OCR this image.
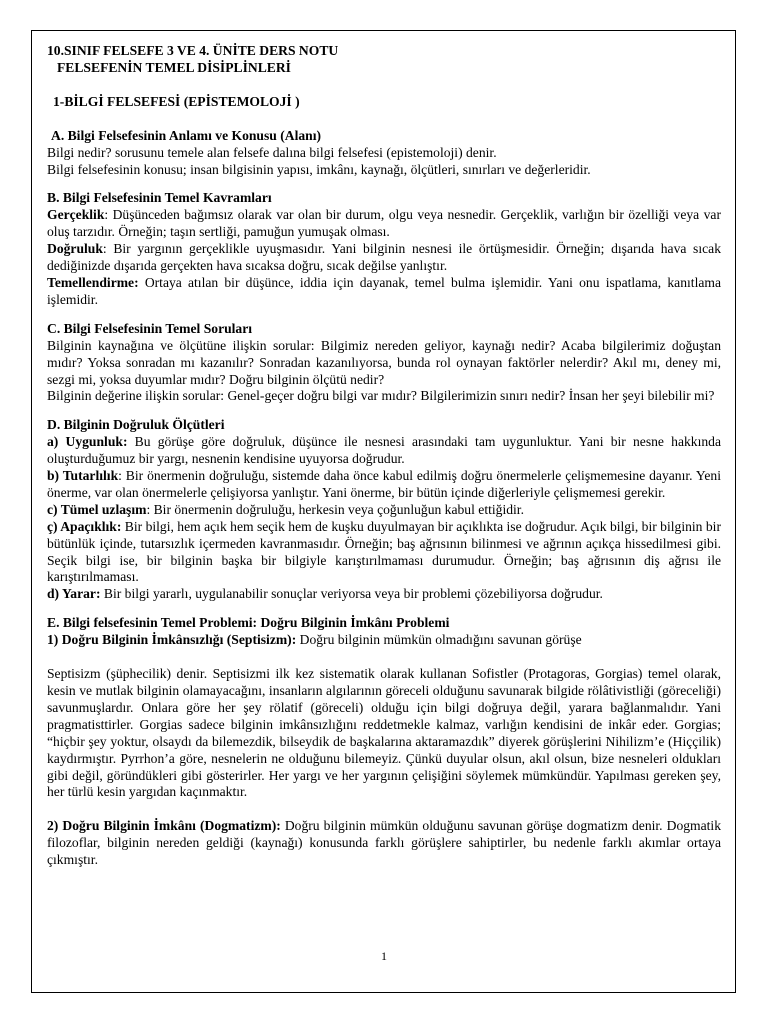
10.SINIF FELSEFE 3 VE 4. ÜNİTE DERS NOTU

FELSEFENİN TEMEL DİSİPLİNLERİ

1-BİLGİ FELSEFESİ (EPİSTEMOLOJİ )

A. Bilgi Felsefesinin Anlamı ve Konusu (Alanı)

Bilgi nedir? sorusunu temele alan felsefe dalına bilgi felsefesi (epistemoloji) denir.

Bilgi felsefesinin konusu; insan bilgisinin yapısı, imkânı, kaynağı, ölçütleri, sınırları ve değerleridir.

B. Bilgi Felsefesinin Temel Kavramları

Gerçeklik: Düşünceden bağımsız olarak var olan bir durum, olgu veya nesnedir. Gerçeklik, varlığın bir özelliği veya var oluş tarzıdır. Örneğin; taşın sertliği, pamuğun yumuşak olması.

Doğruluk: Bir yargının gerçeklikle uyuşmasıdır. Yani bilginin nesnesi ile örtüşmesidir. Örneğin; dışarıda hava sıcak dediğinizde dışarıda gerçekten hava sıcaksa doğru, sıcak değilse yanlıştır.

Temellendirme: Ortaya atılan bir düşünce, iddia için dayanak, temel bulma işlemidir. Yani onu ispatlama, kanıtlama işlemidir.

C. Bilgi Felsefesinin Temel Soruları

Bilginin kaynağına ve ölçütüne ilişkin sorular: Bilgimiz nereden geliyor, kaynağı nedir? Acaba bilgilerimiz doğuştan mıdır? Yoksa sonradan mı kazanılır? Sonradan kazanılıyorsa, bunda rol oynayan faktörler nelerdir? Akıl mı, deney mi, sezgi mi, yoksa duyumlar mıdır? Doğru bilginin ölçütü nedir?

Bilginin değerine ilişkin sorular: Genel-geçer doğru bilgi var mıdır? Bilgilerimizin sınırı nedir? İnsan her şeyi bilebilir mi?

D. Bilginin Doğruluk Ölçütleri

a) Uygunluk: Bu görüşe göre doğruluk, düşünce ile nesnesi arasındaki tam uygunluktur. Yani bir nesne hakkında oluşturduğumuz bir yargı, nesnenin kendisine uyuyorsa doğrudur.

b) Tutarlılık: Bir önermenin doğruluğu, sistemde daha önce kabul edilmiş doğru önermelerle çelişmemesine dayanır. Yeni önerme, var olan önermelerle çelişiyorsa yanlıştır. Yani önerme, bir bütün içinde diğerleriyle çelişmemesi gerekir.

c) Tümel uzlaşım: Bir önermenin doğruluğu, herkesin veya çoğunluğun kabul ettiğidir.

ç) Apaçıklık: Bir bilgi, hem açık hem seçik hem de kuşku duyulmayan bir açıklıkta ise doğrudur. Açık bilgi, bir bilginin bir bütünlük içinde, tutarsızlık içermeden kavranmasıdır. Örneğin; baş ağrısının bilinmesi ve ağrının açıkça hissedilmesi gibi. Seçik bilgi ise, bir bilginin başka bir bilgiyle karıştırılmaması durumudur. Örneğin; baş ağrısının diş ağrısı ile karıştırılmaması.

d) Yarar: Bir bilgi yararlı, uygulanabilir sonuçlar veriyorsa veya bir problemi çözebiliyorsa doğrudur.

E. Bilgi felsefesinin Temel Problemi: Doğru Bilginin İmkânı Problemi

1) Doğru Bilginin İmkânsızlığı (Septisizm): Doğru bilginin mümkün olmadığını savunan görüşe

Septisizm (şüphecilik) denir. Septisizmi ilk kez sistematik olarak kullanan Sofistler (Protagoras, Gorgias) temel olarak, kesin ve mutlak bilginin olamayacağını, insanların algılarının göreceli olduğunu savunarak bilgide rölâtivistliği (göreceliği) savunmuşlardır. Onlara göre her şey rölatif (göreceli) olduğu için bilgi doğruya değil, yarara bağlanmalıdır. Yani pragmatisttirler. Gorgias sadece bilginin imkânsızlığını reddetmekle kalmaz, varlığın kendisini de inkâr eder. Gorgias; “hiçbir şey yoktur, olsaydı da bilemezdik, bilseydik de başkalarına aktaramazdık” diyerek görüşlerini Nihilizm’e (Hiççilik) kaydırmıştır. Pyrrhon’a göre, nesnelerin ne olduğunu bilemeyiz. Çünkü duyular olsun, akıl olsun, bize nesneleri oldukları gibi değil, göründükleri gibi gösterirler. Her yargı ve her yargının çelişiğini söylemek mümkündür. Yapılması gereken şey, her türlü kesin yargıdan kaçınmaktır.

2) Doğru Bilginin İmkânı (Dogmatizm): Doğru bilginin mümkün olduğunu savunan görüşe dogmatizm denir. Dogmatik filozoflar, bilginin nereden geldiği (kaynağı) konusunda farklı görüşlere sahiptirler, bu nedenle farklı akımlar ortaya çıkmıştır.

1
